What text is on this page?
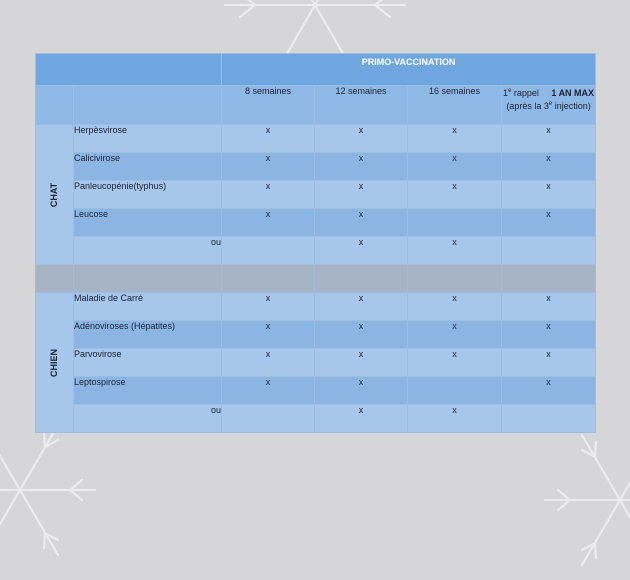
		PRIMO-VACCINATION			
		8 semaines	12 semaines	16 semaines	1e rappel 1 AN MAX (après la 3e injection)
CHAT	Herpèsvirose	x	x	x	x
	Calicivirose	x	x	x	x
	Panleucopénie(typhus)	x	x	x	x
	Leucose	x	x		x
	ou		x	x	

CHIEN	Maladie de Carré	x	x	x	x
	Adénoviroses (Hépatites)	x	x	x	x
	Parvovirose	x	x	x	x
	Leptospirose	x	x		x
	ou		x	x	
